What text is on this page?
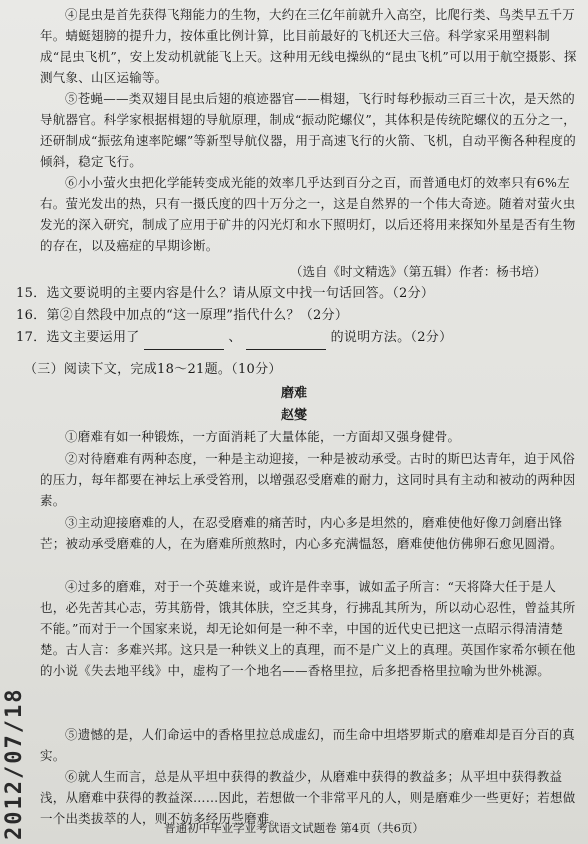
④昆虫是首先获得飞翔能力的生物，大约在三亿年前就升入高空，比爬行类、鸟类早五千万年。蜻蜓翅膀的提升力，按体重比例计算，比目前最好的飞机还大三倍。科学家采用塑料制成“昆虫飞机”，安上发动机就能飞上天。这种用无线电操纵的“昆虫飞机”可以用于航空摄影、探测气象、山区运输等。
⑤苍蝇——类双翅目昆虫后翅的痕迹器官——楫翅，飞行时每秒振动三百三十次，是天然的导航器官。科学家根据楫翅的导航原理，制成“振动陀螺仪”，其体积是传统陀螺仪的五分之一，还研制成“振弦角速率陀螺”等新型导航仪器，用于高速飞行的火箭、飞机，自动平衡各种程度的倾斜，稳定飞行。
⑥小小萤火虫把化学能转变成光能的效率几乎达到百分之百，而普通电灯的效率只有6%左右。萤光发出的热，只有一摄氏度的四十万分之一，这是自然界的一个伟大奇迹。随着对萤火虫发光的深入研究，制成了应用于矿井的闪光灯和水下照明灯，以后还将用来探知外星是否有生物的存在，以及癌症的早期诊断。
（选自《时文精选》（第五辑）作者：杨书培）
15．选文要说明的主要内容是什么？请从原文中找一句话回答。（2分）
16．第②自然段中加点的“这一原理”指代什么？（2分）
17．选文主要运用了	、	的说明方法。（2分）
（三）阅读下文，完成18～21题。（10分）
磨难
赵燮
①磨难有如一种锻炼，一方面消耗了大量体能，一方面却又强身健骨。
②对待磨难有两种态度，一种是主动迎接，一种是被动承受。古时的斯巴达青年，迫于风俗的压力，每年都要在神坛上承受笞刑，以增强忍受磨难的耐力，这同时具有主动和被动的两种因素。
③主动迎接磨难的人，在忍受磨难的痛苦时，内心多是坦然的，磨难使他好像刀剑磨出锋芒；被动承受磨难的人，在为磨难所煎熬时，内心多充满愠怒，磨难使他仿佛卵石愈见圆滑。
④过多的磨难，对于一个英雄来说，或许是件幸事，诚如孟子所言：“天将降大任于是人也，必先苦其心志，劳其筋骨，饿其体肤，空乏其身，行拂乱其所为，所以动心忍性，曾益其所不能。”而对于一个国家来说，却无论如何是一种不幸，中国的近代史已把这一点昭示得清清楚楚。古人言：多难兴邦。这只是一种铁义上的真理，而不是广义上的真理。英国作家希尔顿在他的小说《失去地平线》中，虚构了一个地名——香格里拉，后多把香格里拉喻为世外桃源。
⑤遗憾的是，人们命运中的香格里拉总成虚幻，而生命中坦塔罗斯式的磨难却是百分百的真实。
⑥就人生而言，总是从平坦中获得的教益少，从磨难中获得的教益多；从平坦中获得教益浅，从磨难中获得的教益深……因此，若想做一个非常平凡的人，则是磨难少一些更好；若想做一个出类拔萃的人，则不妨多经历些磨难。
普通初中毕业学业考试语文试题卷 第4页（共6页）
2012/07/18
